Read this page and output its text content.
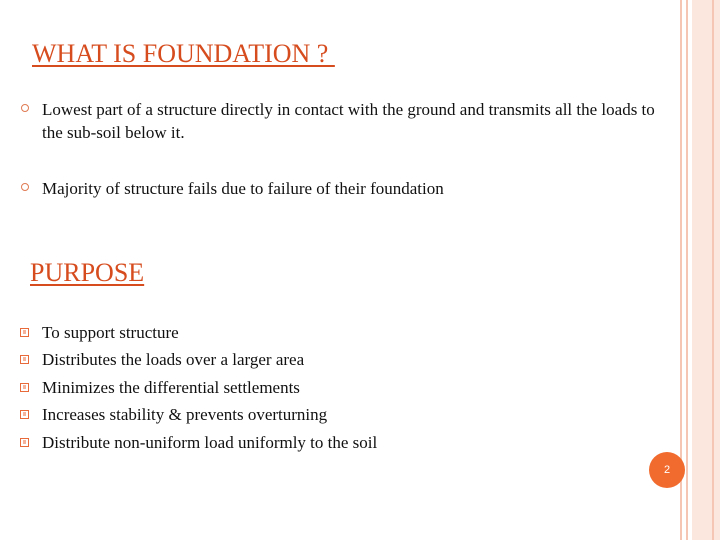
WHAT IS FOUNDATION ?
Lowest part of a structure directly in contact with the ground and transmits all the loads to the sub-soil below it.
Majority of structure fails due to failure of their foundation
PURPOSE
To support structure
Distributes the loads over a larger area
Minimizes the differential settlements
Increases stability & prevents overturning
Distribute non-uniform load uniformly to the soil
2
